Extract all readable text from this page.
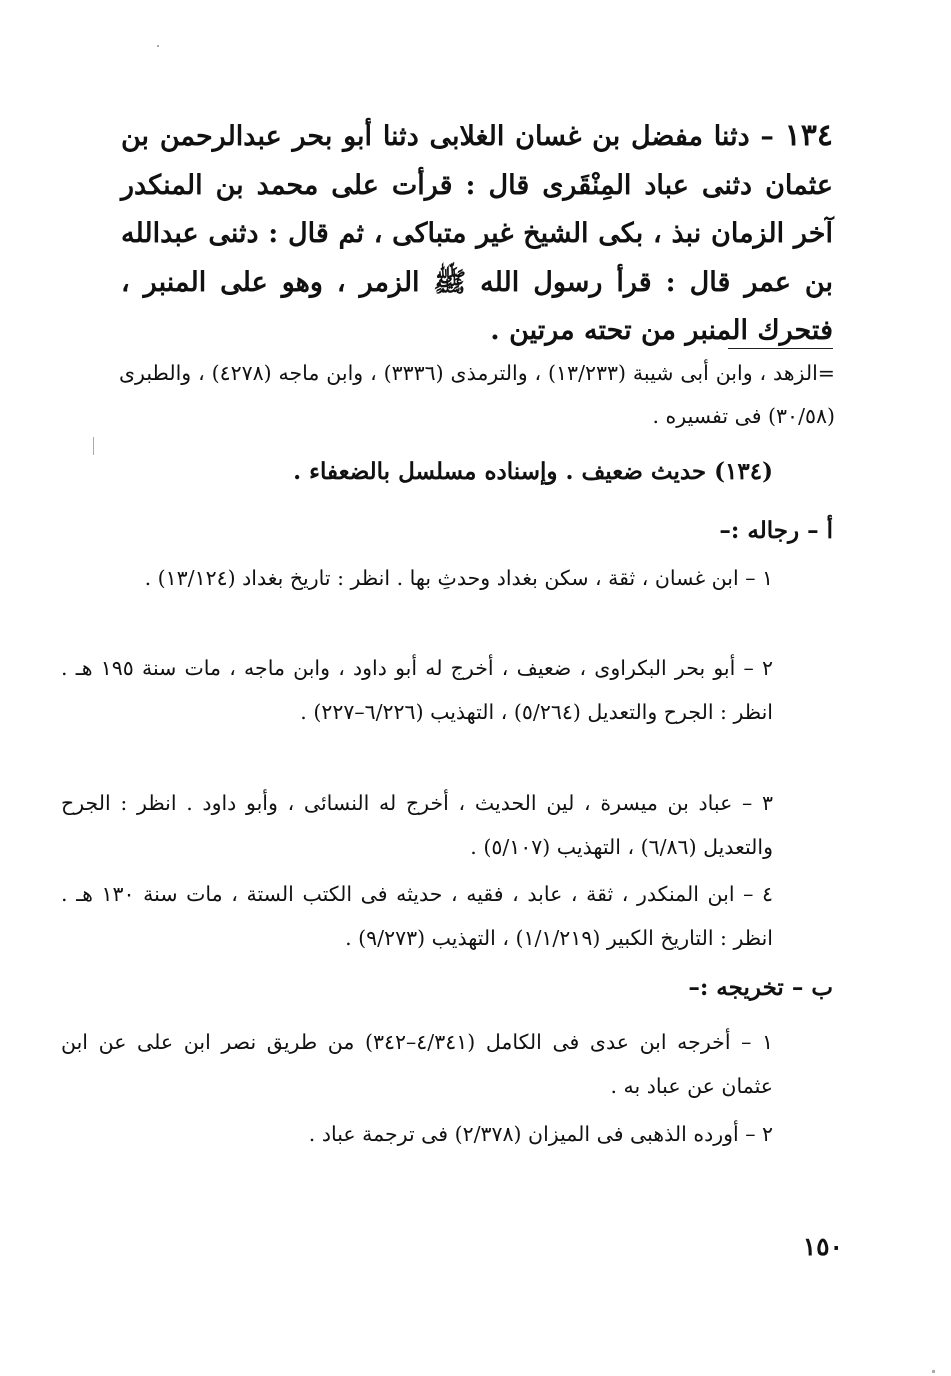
١٣٤ – دثنا مفضل بن غسان الغلابى دثنا أبو بحر عبدالرحمن بن عثمان دثنى عباد المِنْقَرى قال : قرأت على محمد بن المنكدر آخر الزمان نبذ ، بكى الشيخ غير متباكى ، ثم قال : دثنى عبدالله بن عمر قال : قرأ رسول الله ﷺ الزمر ، وهو على المنبر ، فتحرك المنبر من تحته مرتين .
=الزهد ، وابن أبى شيبة (١٣/٢٣٣) ، والترمذى (٣٣٣٦) ، وابن ماجه (٤٢٧٨) ، والطبرى (٣٠/٥٨) فى تفسيره .
(١٣٤) حديث ضعيف . وإسناده مسلسل بالضعفاء .
أ – رجاله :–
١ – ابن غسان ، ثقة ، سكن بغداد وحدثِ بها . انظر : تاريخ بغداد (١٣/١٢٤) .
٢ – أبو بحر البكراوى ، ضعيف ، أخرج له أبو داود ، وابن ماجه ، مات سنة ١٩٥ هـ . انظر : الجرح والتعديل (٥/٢٦٤) ، التهذيب (٦/٢٢٦–٢٢٧) .
٣ – عباد بن ميسرة ، لين الحديث ، أخرج له النسائى ، وأبو داود . انظر : الجرح والتعديل (٦/٨٦) ، التهذيب (٥/١٠٧) .
٤ – ابن المنكدر ، ثقة ، عابد ، فقيه ، حديثه فى الكتب الستة ، مات سنة ١٣٠ هـ . انظر : التاريخ الكبير (١/١/٢١٩) ، التهذيب (٩/٢٧٣) .
ب – تخريجه :–
١ – أخرجه ابن عدى فى الكامل (٤/٣٤١–٣٤٢) من طريق نصر ابن على عن ابن عثمان عن عباد به .
٢ – أورده الذهبى فى الميزان (٢/٣٧٨) فى ترجمة عباد .
١٥٠
